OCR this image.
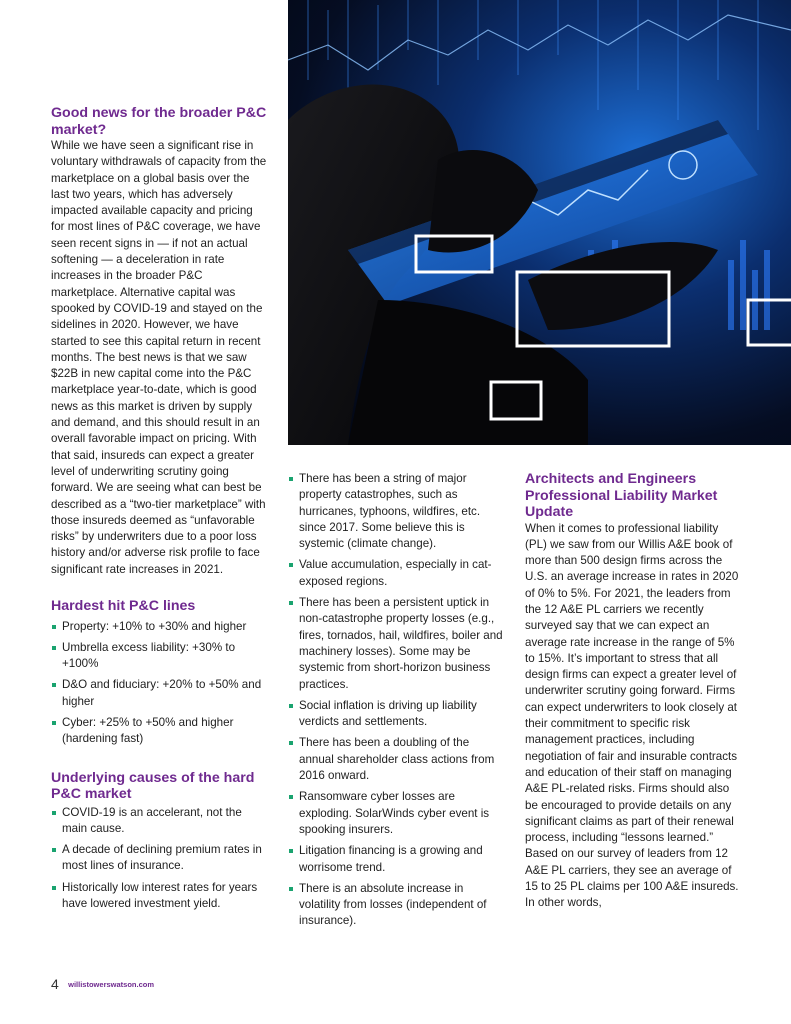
Good news for the broader P&C market?

While we have seen a significant rise in voluntary withdrawals of capacity from the marketplace on a global basis over the last two years, which has adversely impacted available capacity and pricing for most lines of P&C coverage, we have seen recent signs in — if not an actual softening — a deceleration in rate increases in the broader P&C marketplace. Alternative capital was spooked by COVID-19 and stayed on the sidelines in 2020. However, we have started to see this capital return in recent months. The best news is that we saw $22B in new capital come into the P&C marketplace year-to-date, which is good news as this market is driven by supply and demand, and this should result in an overall favorable impact on pricing. With that said, insureds can expect a greater level of underwriting scrutiny going forward. We are seeing what can best be described as a “two-tier marketplace” with those insureds deemed as “unfavorable risks” by underwriters due to a poor loss history and/or adverse risk profile to face significant rate increases in 2021.

Hardest hit P&C lines
Property: +10% to +30% and higher
Umbrella excess liability: +30% to +100%
D&O and fiduciary: +20% to +50% and higher
Cyber: +25% to +50% and higher (hardening fast)
Underlying causes of the hard P&C market
COVID-19 is an accelerant, not the main cause.
A decade of declining premium rates in most lines of insurance.
Historically low interest rates for years have lowered investment yield.
There has been a string of major property catastrophes, such as hurricanes, typhoons, wildfires, etc. since 2017. Some believe this is systemic (climate change).
Value accumulation, especially in cat-exposed regions.
There has been a persistent uptick in non-catastrophe property losses (e.g., fires, tornados, hail, wildfires, boiler and machinery losses). Some may be systemic from short-horizon business practices.
Social inflation is driving up liability verdicts and settlements.
There has been a doubling of the annual shareholder class actions from 2016 onward.
Ransomware cyber losses are exploding. SolarWinds cyber event is spooking insurers.
Litigation financing is a growing and worrisome trend.
There is an absolute increase in volatility from losses (independent of insurance).
Architects and Engineers Professional Liability Market Update

When it comes to professional liability (PL) we saw from our Willis A&E book of more than 500 design firms across the U.S. an average increase in rates in 2020 of 0% to 5%. For 2021, the leaders from the 12 A&E PL carriers we recently surveyed say that we can expect an average rate increase in the range of 5% to 15%. It’s important to stress that all design firms can expect a greater level of underwriter scrutiny going forward. Firms can expect underwriters to look closely at their commitment to specific risk management practices, including negotiation of fair and insurable contracts and education of their staff on managing A&E PL-related risks. Firms should also be encouraged to provide details on any significant claims as part of their renewal process, including “lessons learned.” Based on our survey of leaders from 12 A&E PL carriers, they see an average of 15 to 25 PL claims per 100 A&E insureds. In other words,

4 willistowerswatson.com
